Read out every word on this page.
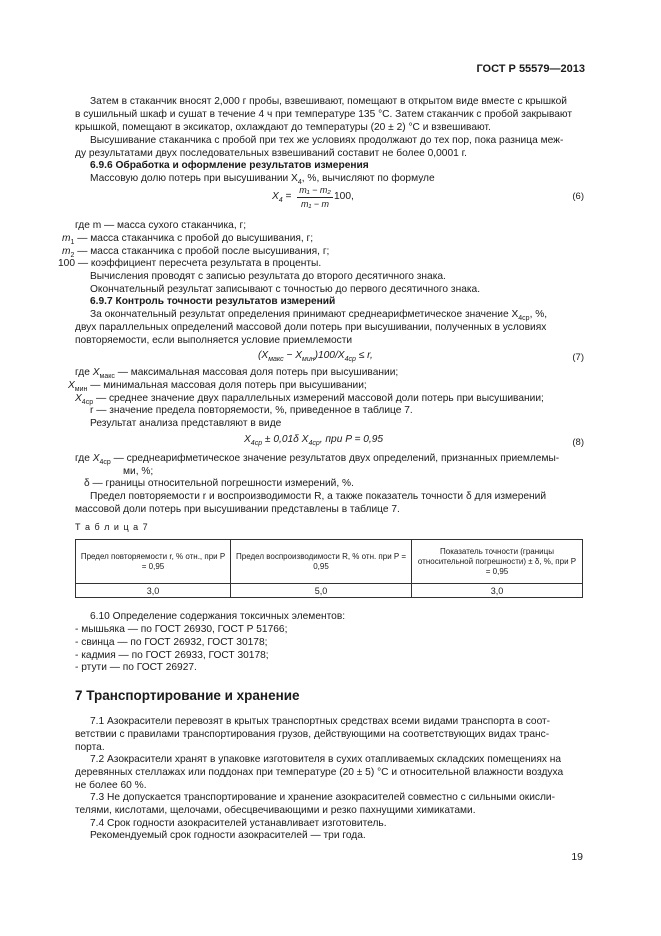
ГОСТ Р 55579—2013
Затем в стаканчик вносят 2,000 г пробы, взвешивают, помещают в открытом виде вместе с крышкой
в сушильный шкаф и сушат в течение 4 ч при температуре 135 °С. Затем стаканчик с пробой закрывают
крышкой, помещают в эксикатор, охлаждают до температуры (20 ± 2) °С и взвешивают.
Высушивание стаканчика с пробой при тех же условиях продолжают до тех пор, пока разница меж-
ду результатами двух последовательных взвешиваний составит не более 0,0001 г.
6.9.6 Обработка и оформление результатов измерения
Массовую долю потерь при высушивании $X_4$, %, вычисляют по формуле
$X_4$ =
m₁ − m₂
m₁ − m
100,	(6)
где m — масса сухого стаканчика, г;
$m_1$ — масса стаканчика с пробой до высушивания, г;
$m_2$ — масса стаканчика с пробой после высушивания, г;
100 — коэффициент пересчета результата в проценты.
Вычисления проводят с записью результата до второго десятичного знака.
Окончательный результат записывают с точностью до первого десятичного знака.
6.9.7 Контроль точности результатов измерений
За окончательный результат определения принимают среднеарифметическое значение $X_{4ср}$, %,
двух параллельных определений массовой доли потерь при высушивании, полученных в условиях
повторяемости, если выполняется условие приемлемости
$(X_{макс} - X_{мин})100/X_{4ср} \le r$,	(7)
где $X_{макс}$ — максимальная массовая доля потерь при высушивании;
$X_{мин}$ — минимальная массовая доля потерь при высушивании;
$X_{4ср}$ — среднее значение двух параллельных измерений массовой доли потерь при высушивании;
r — значение предела повторяемости, %, приведенное в таблице 7.
Результат анализа представляют в виде
$X_{4ср} \pm 0,01\delta$ $X_{4ср}$, при P = 0,95	(8)
где $X_{4ср}$ — среднеарифметическое значение результатов двух определений, признанных приемлемы-
ми, %;
δ — границы относительной погрешности измерений, %.
Предел повторяемости r и воспроизводимости R, а также показатель точности δ для измерений
массовой доли потерь при высушивании представлены в таблице 7.
Т а б л и ц а 7
Предел повторяемости r, % отн., при P = 0,95	Предел воспроизводимости R, % отн. при P = 0,95	Показатель точности (границы относительной погрешности) ± δ, %, при P = 0,95
3,0	5,0	3,0
6.10 Определение содержания токсичных элементов:
- мышьяка — по ГОСТ 26930, ГОСТ Р 51766;
- свинца — по ГОСТ 26932, ГОСТ 30178;
- кадмия — по ГОСТ 26933, ГОСТ 30178;
- ртути — по ГОСТ 26927.
7 Транспортирование и хранение
7.1 Азокрасители перевозят в крытых транспортных средствах всеми видами транспорта в соот-
ветствии с правилами транспортирования грузов, действующими на соответствующих видах транс-
порта.
7.2 Азокрасители хранят в упаковке изготовителя в сухих отапливаемых складских помещениях на
деревянных стеллажах или поддонах при температуре (20 ± 5) °С и относительной влажности воздуха
не более 60 %.
7.3 Не допускается транспортирование и хранение азокрасителей совместно с сильными окисли-
телями, кислотами, щелочами, обесцвечивающими и резко пахнущими химикатами.
7.4 Срок годности азокрасителей устанавливает изготовитель.
Рекомендуемый срок годности азокрасителей — три года.
19
